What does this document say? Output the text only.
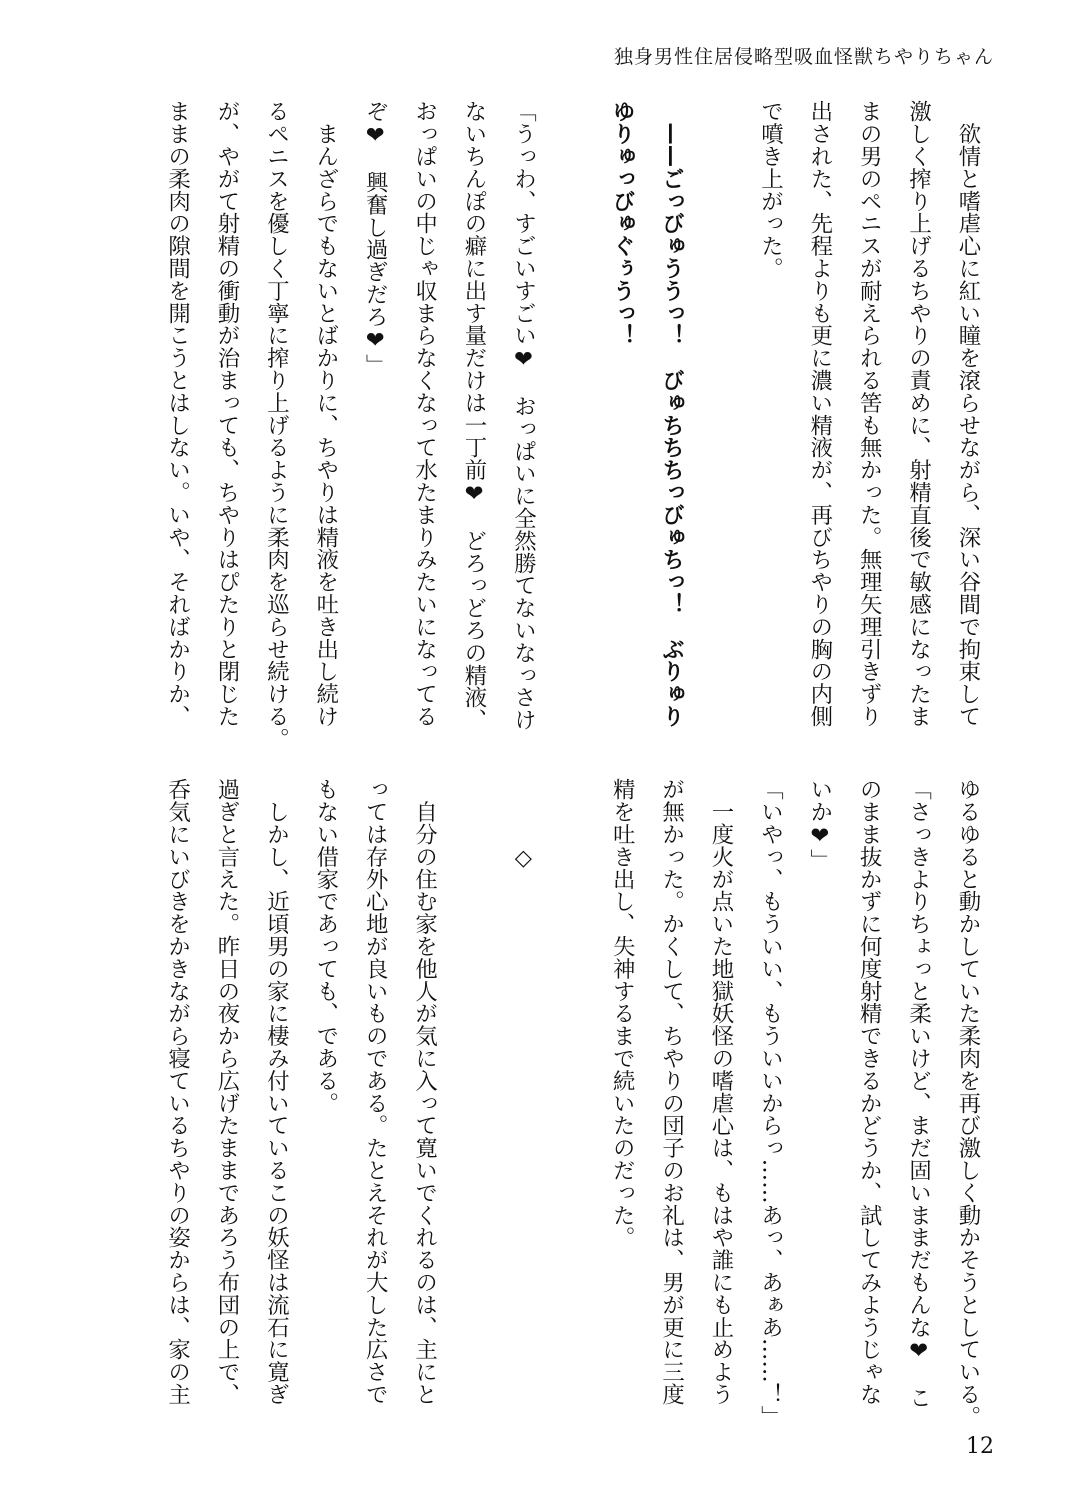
独身男性住居侵略型吸血怪獣ちやりちゃん
　欲情と嗜虐心に紅い瞳を滾らせながら、深い谷間で拘束して
激しく搾り上げるちやりの責めに、射精直後で敏感になったま
まの男のペニスが耐えられる筈も無かった。無理矢理引きずり
出された、先程よりも更に濃い精液が、再びちやりの胸の内側
で噴き上がった。
　——ごっびゅううっ！　びゅちちちっびゅちっ！　ぶりゅり
ゆりゅっびゅぐぅうっ！
「うっわ、すごいすごい❤　おっぱいに全然勝てないなっさけ
ないちんぽの癖に出す量だけは一丁前❤　どろっどろの精液、
おっぱいの中じゃ収まらなくなって水たまりみたいになってる
ぞ❤　興奮し過ぎだろ❤」
　まんざらでもないとばかりに、ちやりは精液を吐き出し続け
るペニスを優しく丁寧に搾り上げるように柔肉を巡らせ続ける。
が、やがて射精の衝動が治まっても、ちやりはぴたりと閉じた
ままの柔肉の隙間を開こうとはしない。いや、そればかりか、
ゆるゆると動かしていた柔肉を再び激しく動かそうとしている。
「さっきよりちょっと柔いけど、まだ固いままだもんな❤　こ
のまま抜かずに何度射精できるかどうか、試してみようじゃな
いか❤」
「いやっ、もういい、もういいからっ……あっ、あぁあ……！」
　一度火が点いた地獄妖怪の嗜虐心は、もはや誰にも止めよう
が無かった。かくして、ちやりの団子のお礼は、男が更に三度
精を吐き出し、失神するまで続いたのだった。
　　　◇
　自分の住む家を他人が気に入って寛いでくれるのは、主にと
っては存外心地が良いものである。たとえそれが大した広さで
もない借家であっても、である。
　しかし、近頃男の家に棲み付いているこの妖怪は流石に寛ぎ
過ぎと言えた。昨日の夜から広げたままであろう布団の上で、
呑気にいびきをかきながら寝ているちやりの姿からは、家の主
12
